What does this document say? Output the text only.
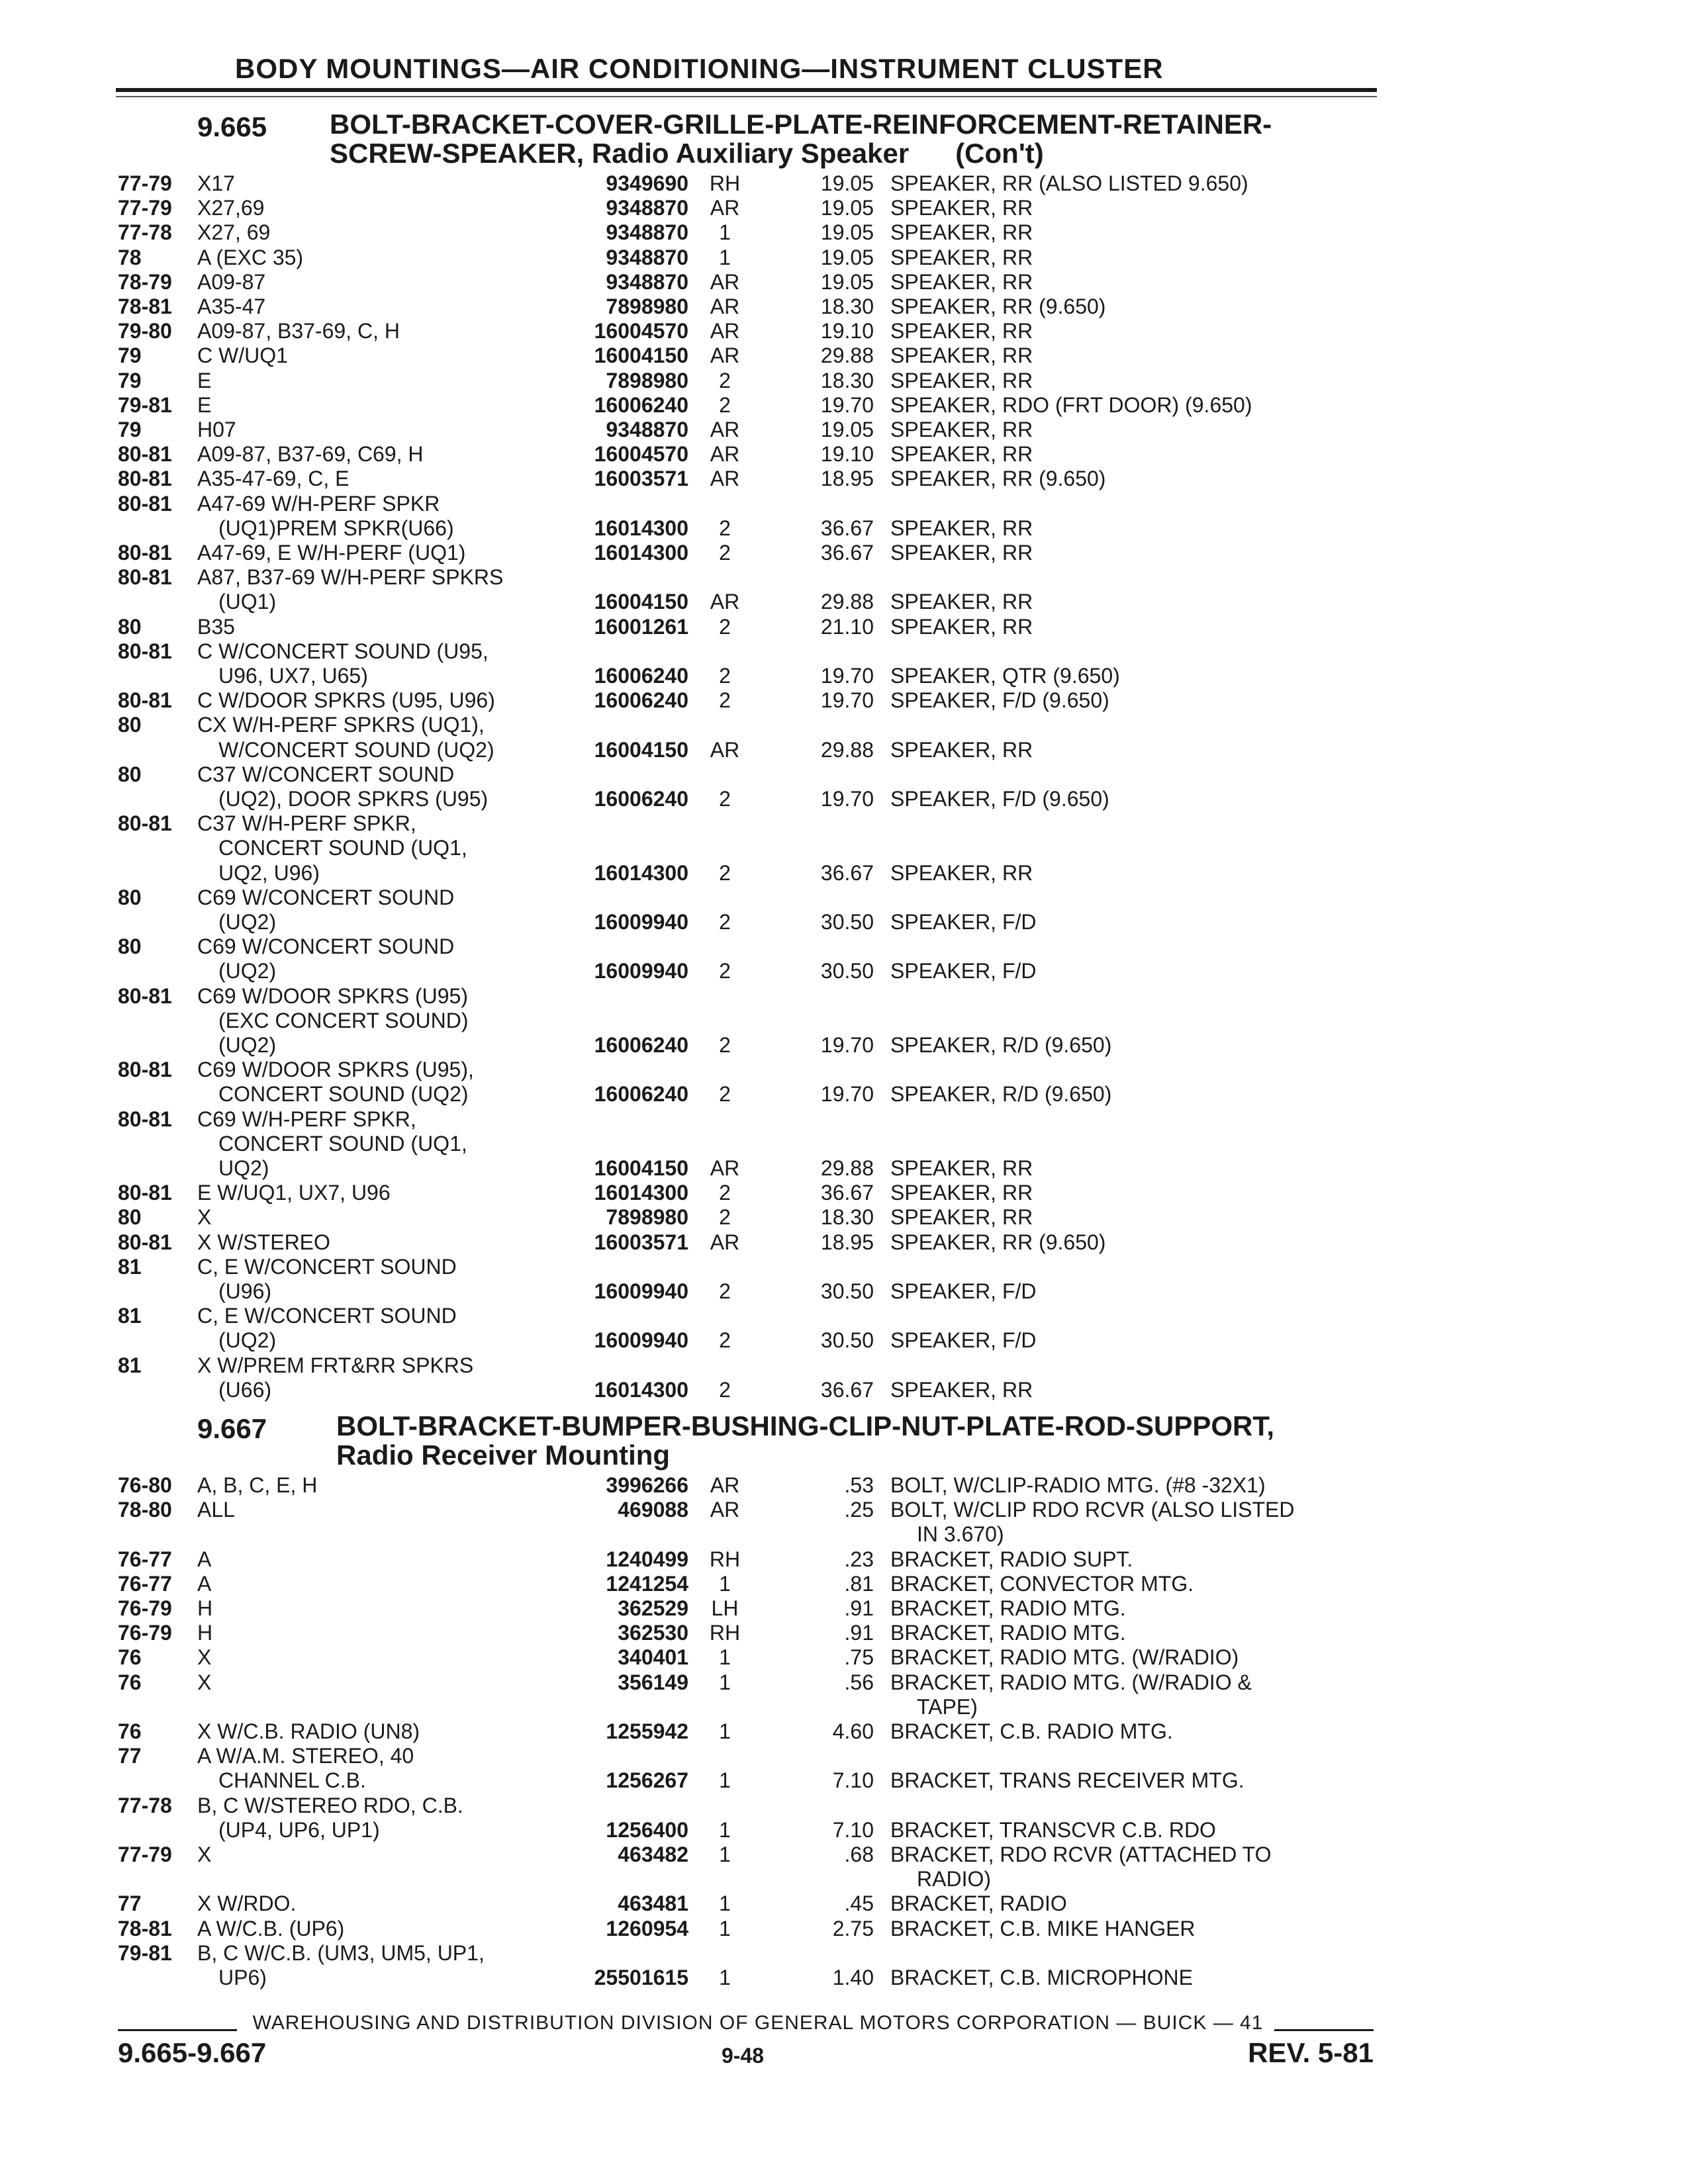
BODY MOUNTINGS—AIR CONDITIONING—INSTRUMENT CLUSTER
9.665 BOLT-BRACKET-COVER-GRILLE-PLATE-REINFORCEMENT-RETAINER-
SCREW-SPEAKER, Radio Auxiliary Speaker (Con't)
77-79 X17	9349690 RH	19.05 SPEAKER, RR (ALSO LISTED 9.650)
77-79 X27,69	9348870	AR	19.05 SPEAKER, RR
77-78 X27, 69	9348870	1	19.05 SPEAKER, RR
78	A (EXC 35)	9348870	1	19.05 SPEAKER, RR
78-79 A09-87	9348870	AR	19.05 SPEAKER, RR
78-81 A35-47	7898980	AR	18.30 SPEAKER, RR (9.650)
79-80 A09-87, B37-69, C, H	16004570	AR	19.10 SPEAKER, RR
79	C W/UQ1	16004150	AR	29.88 SPEAKER, RR
79	E	7898980	2	18.30 SPEAKER, RR
79-81 E	16006240	2	19.70 SPEAKER, RDO (FRT DOOR) (9.650)
79	H07	9348870	AR	19.05 SPEAKER, RR
80-81 A09-87, B37-69, C69, H	16004570	AR	19.10 SPEAKER, RR
80-81 A35-47-69, C, E	16003571	AR	18.95 SPEAKER, RR (9.650)
80-81 A47-69 W/H-PERF SPKR
(UQ1)PREM SPKR(U66)	16014300	2	36.67 SPEAKER, RR
80-81 A47-69, E W/H-PERF (UQ1)	16014300	2	36.67 SPEAKER, RR
80-81 A87, B37-69 W/H-PERF SPKRS
(UQ1)	16004150	AR	29.88 SPEAKER, RR
80	B35	16001261	2	21.10 SPEAKER, RR
80-81 C W/CONCERT SOUND (U95,
U96, UX7, U65)	16006240	2	19.70 SPEAKER, QTR (9.650)
80-81 C W/DOOR SPKRS (U95, U96)	16006240	2	19.70 SPEAKER, F/D (9.650)
80	CX W/H-PERF SPKRS (UQ1),
W/CONCERT SOUND (UQ2)	16004150	AR	29.88 SPEAKER, RR
80	C37 W/CONCERT SOUND
(UQ2), DOOR SPKRS (U95)	16006240	2	19.70 SPEAKER, F/D (9.650)
80-81 C37 W/H-PERF SPKR,
CONCERT SOUND (UQ1,
UQ2, U96)	16014300	2	36.67 SPEAKER, RR
80	C69 W/CONCERT SOUND
(UQ2)	16009940	2	30.50 SPEAKER, F/D
80	C69 W/CONCERT SOUND
(UQ2)	16009940	2	30.50 SPEAKER, F/D
80-81 C69 W/DOOR SPKRS (U95)
(EXC CONCERT SOUND)
(UQ2)	16006240	2	19.70 SPEAKER, R/D (9.650)
80-81 C69 W/DOOR SPKRS (U95),
CONCERT SOUND (UQ2)	16006240	2	19.70 SPEAKER, R/D (9.650)
80-81 C69 W/H-PERF SPKR,
CONCERT SOUND (UQ1,
UQ2)	16004150	AR	29.88 SPEAKER, RR
80-81 E W/UQ1, UX7, U96	16014300	2	36.67 SPEAKER, RR
80	X	7898980	2	18.30 SPEAKER, RR
80-81 X W/STEREO	16003571	AR	18.95 SPEAKER, RR (9.650)
81	C, E W/CONCERT SOUND
(U96)	16009940	2	30.50 SPEAKER, F/D
81	C, E W/CONCERT SOUND
(UQ2)	16009940	2	30.50 SPEAKER, F/D
81	X W/PREM FRT&RR SPKRS
(U66)	16014300	2	36.67 SPEAKER, RR
9.667 BOLT-BRACKET-BUMPER-BUSHING-CLIP-NUT-PLATE-ROD-SUPPORT,
Radio Receiver Mounting
76-80 A, B, C, E, H	3996266	AR	.53 BOLT, W/CLIP-RADIO MTG. (#8 -32X1)
78-80 ALL	469088	AR	.25 BOLT, W/CLIP RDO RCVR (ALSO LISTED
IN 3.670)
76-77 A	1240499 RH	.23 BRACKET, RADIO SUPT.
76-77 A	1241254	1	.81 BRACKET, CONVECTOR MTG.
76-79 H	362529	LH	.91 BRACKET, RADIO MTG.
76-79 H	362530 RH	.91 BRACKET, RADIO MTG.
76	X	340401	1	.75 BRACKET, RADIO MTG. (W/RADIO)
76	X	356149	1	.56 BRACKET, RADIO MTG. (W/RADIO &
TAPE)
76	X W/C.B. RADIO (UN8)	1255942	1	4.60 BRACKET, C.B. RADIO MTG.
77	A W/A.M. STEREO, 40
CHANNEL C.B.	1256267	1	7.10 BRACKET, TRANS RECEIVER MTG.
77-78 B, C W/STEREO RDO, C.B.
(UP4, UP6, UP1)	1256400	1	7.10 BRACKET, TRANSCVR C.B. RDO
77-79 X	463482	1	.68 BRACKET, RDO RCVR (ATTACHED TO
RADIO)
77	X W/RDO.	463481	1	.45 BRACKET, RADIO
78-81 A W/C.B. (UP6)	1260954	1	2.75 BRACKET, C.B. MIKE HANGER
79-81 B, C W/C.B. (UM3, UM5, UP1,
UP6)	25501615	1	1.40 BRACKET, C.B. MICROPHONE
WAREHOUSING AND DISTRIBUTION DIVISION OF GENERAL MOTORS CORPORATION — BUICK — 41
9.665-9.667	9-48	REV. 5-81
